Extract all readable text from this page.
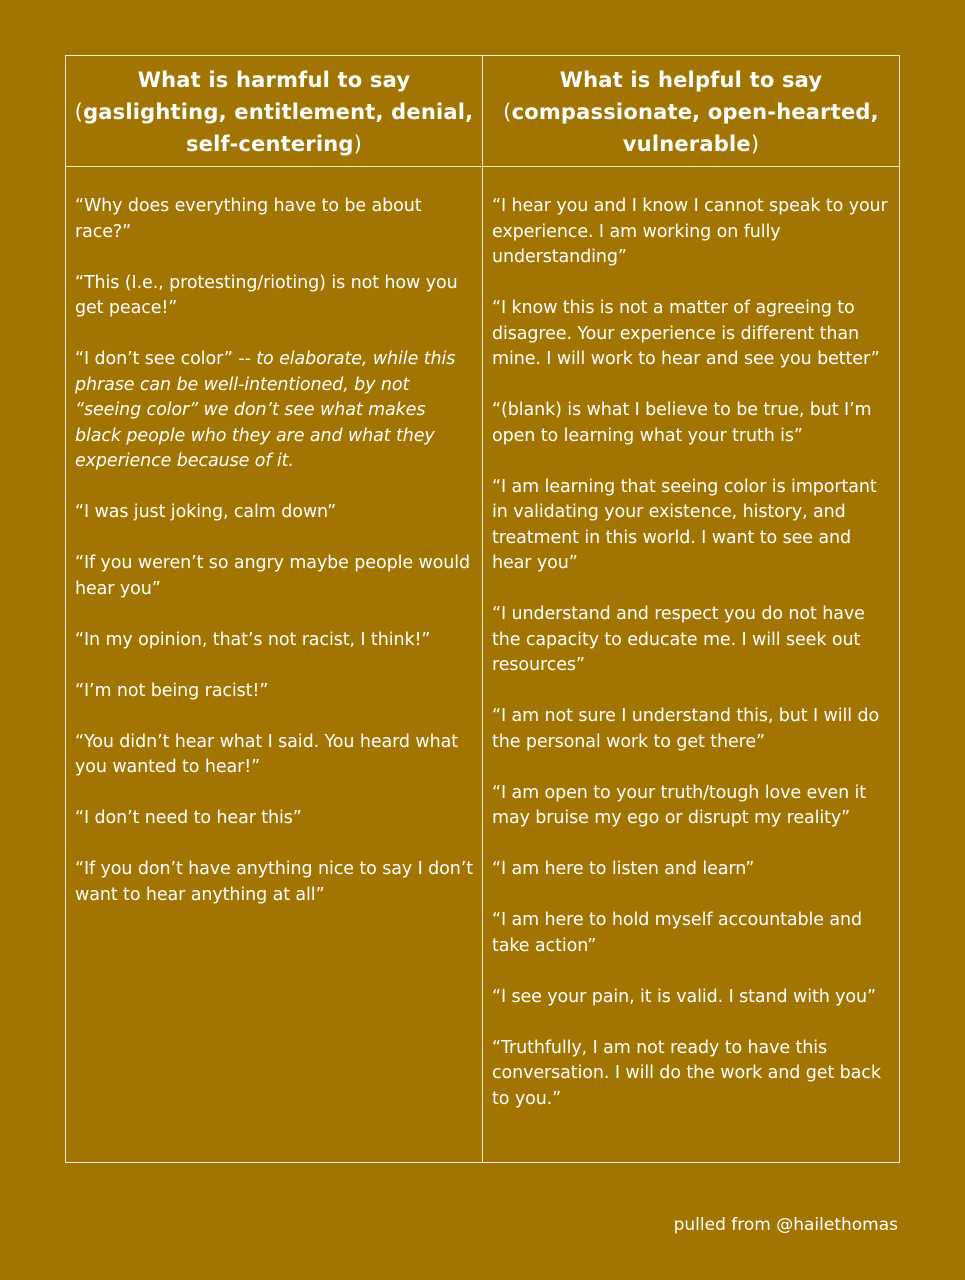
What is harmful to say
(gaslighting, entitlement, denial,
self-centering)
What is helpful to say
(compassionate, open-hearted,
vulnerable)

“Why does everything have to be about race?”

“This (I.e., protesting/rioting) is not how you get peace!”

“I don’t see color” -- to elaborate, while this phrase can be well-intentioned, by not “seeing color” we don’t see what makes black people who they are and what they experience because of it.

“I was just joking, calm down”

“If you weren’t so angry maybe people would hear you”

“In my opinion, that’s not racist, I think!”

“I’m not being racist!”

“You didn’t hear what I said. You heard what you wanted to hear!”

“I don’t need to hear this”

“If you don’t have anything nice to say I don’t want to hear anything at all”

“I hear you and I know I cannot speak to your experience. I am working on fully understanding”

“I know this is not a matter of agreeing to disagree. Your experience is different than mine. I will work to hear and see you better”

“(blank) is what I believe to be true, but I’m open to learning what your truth is”

“I am learning that seeing color is important in validating your existence, history, and treatment in this world. I want to see and hear you”

“I understand and respect you do not have the capacity to educate me. I will seek out resources”

“I am not sure I understand this, but I will do the personal work to get there”

“I am open to your truth/tough love even it may bruise my ego or disrupt my reality”

“I am here to listen and learn”

“I am here to hold myself accountable and take action”

“I see your pain, it is valid. I stand with you”

“Truthfully, I am not ready to have this conversation. I will do the work and get back to you.”

pulled from @hailethomas
